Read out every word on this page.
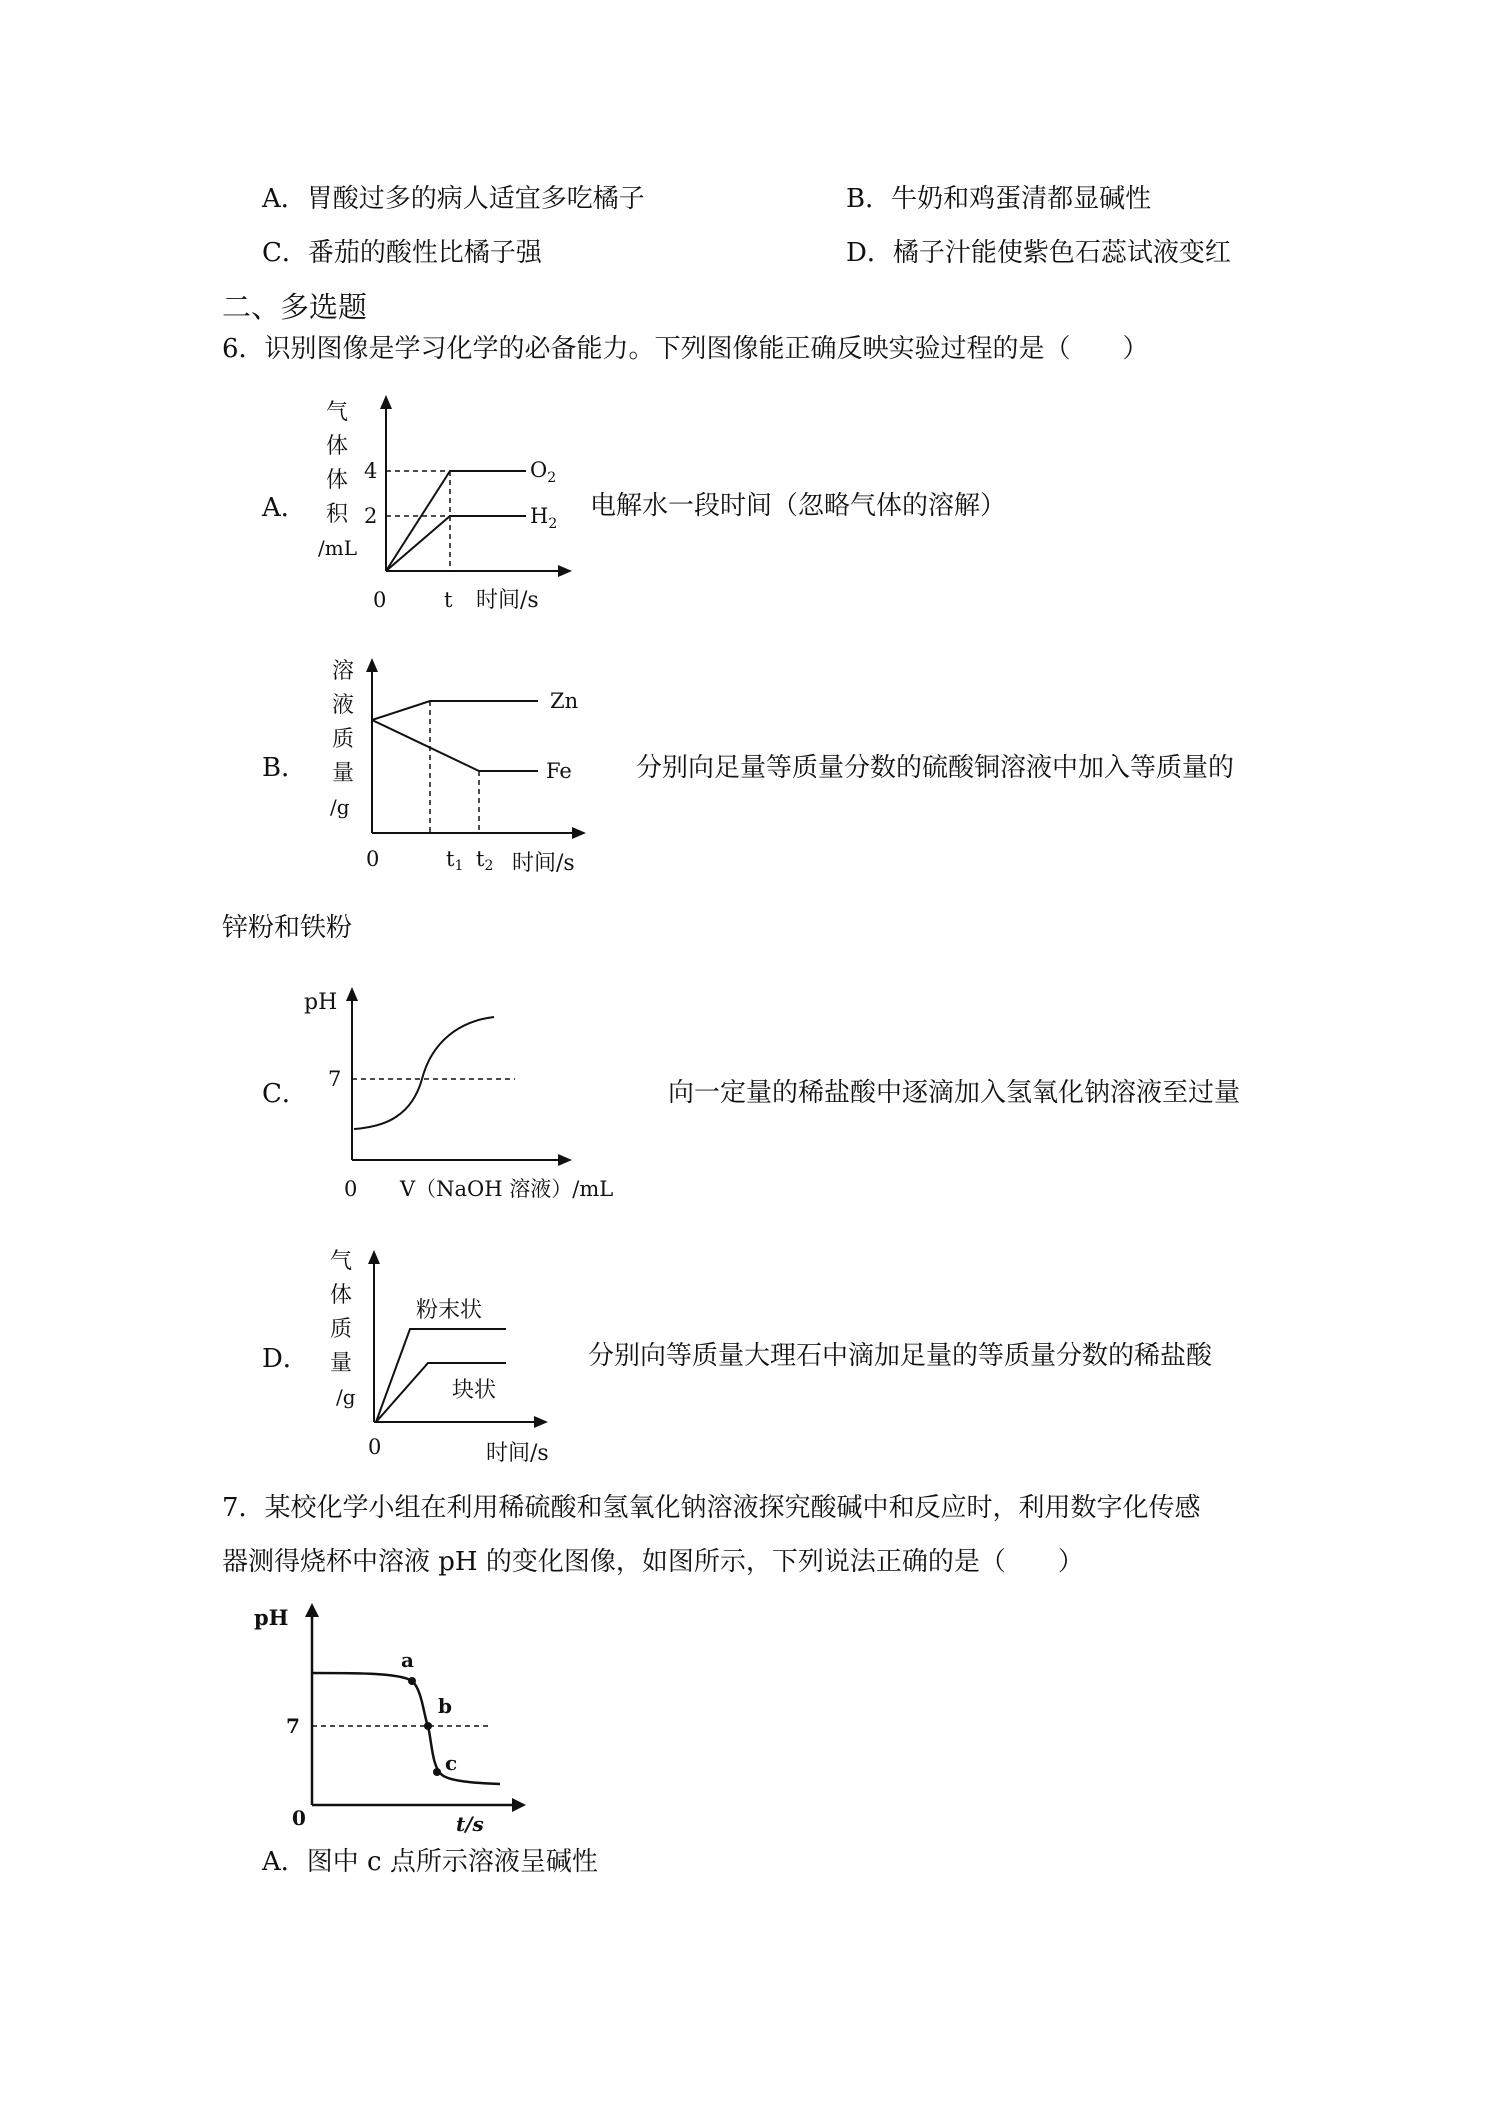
A．胃酸过多的病人适宜多吃橘子	B．牛奶和鸡蛋清都显碱性
C．番茄的酸性比橘子强	D．橘子汁能使紫色石蕊试液变红
二、多选题
6．识别图像是学习化学的必备能力。下列图像能正确反映实验过程的是（　　）
A．	电解水一段时间（忽略气体的溶解）
气
体
体
积
/mL
0	t 时间/s
4
2
$O_2$
$H_2$
B．	分别向足量等质量分数的硫酸铜溶液中加入等质量的
溶
液
质
量
/g
0	t1 t2 时间/s
Zn
Fe
锌粉和铁粉
C．	向一定量的稀盐酸中逐滴加入氢氧化钠溶液至过量
pH
0
7
V（NaOH 溶液）/mL
D．	分别向等质量大理石中滴加足量的等质量分数的稀盐酸
气
体
质
量
/g
0	时间/s
粉末状
块状
7．某校化学小组在利用稀硫酸和氢氧化钠溶液探究酸碱中和反应时，利用数字化传感
器测得烧杯中溶液 pH 的变化图像，如图所示，下列说法正确的是（　　）
pH
0
7
t/s
a
b
c
A．图中 c 点所示溶液呈碱性
